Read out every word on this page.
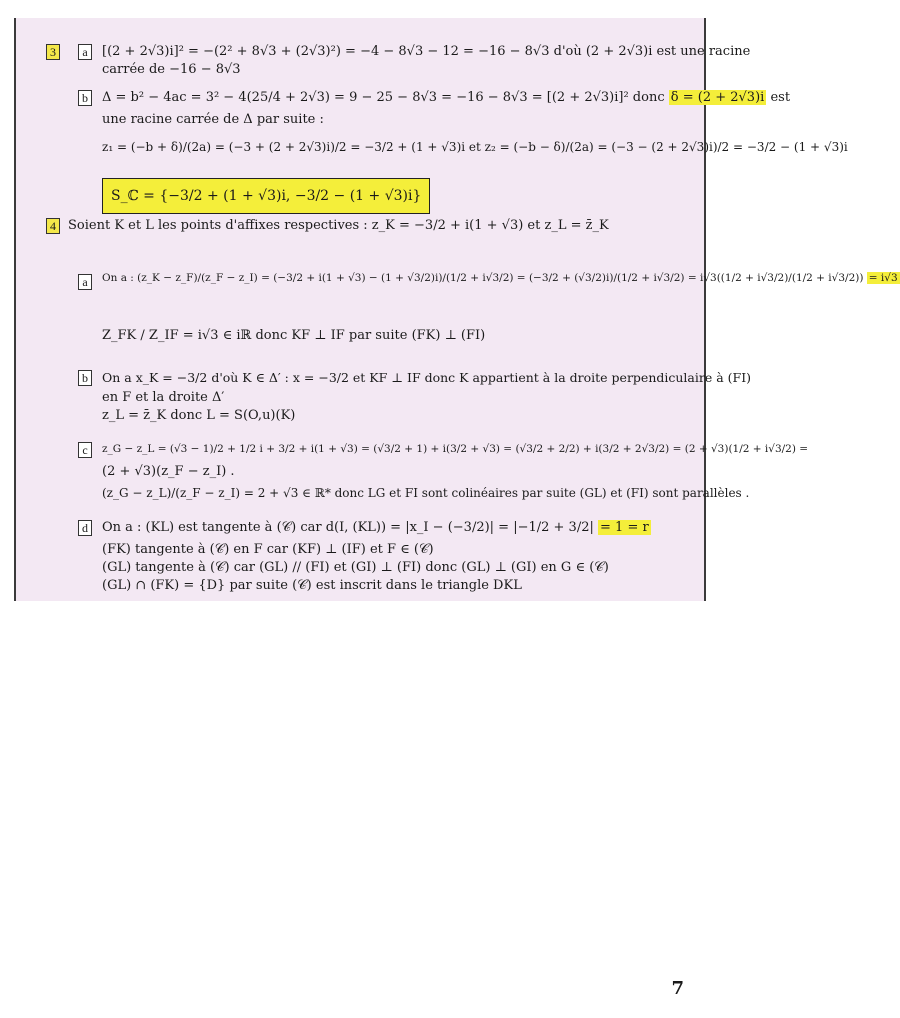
3	a	[(2 + 2√3)i]² = −(2² + 8√3 + (2√3)²) = −4 − 8√3 − 12 = −16 − 8√3 d'où (2 + 2√3)i est une racine
carrée de −16 − 8√3
b	Δ = b² − 4ac = 3² − 4(25/4 + 2√3) = 9 − 25 − 8√3 = −16 − 8√3 = [(2 + 2√3)i]² donc δ = (2 + 2√3)i est
une racine carrée de Δ par suite :
z₁ = (−b + δ)/(2a) = (−3 + (2 + 2√3)i)/2 = −3/2 + (1 + √3)i et z₂ = (−b − δ)/(2a) = (−3 − (2 + 2√3)i)/2 = −3/2 − (1 + √3)i
S_ℂ = {−3/2 + (1 + √3)i, −3/2 − (1 + √3)i}
4 Soient K et L les points d'affixes respectives : z_K = −3/2 + i(1 + √3) et z_L = z̄_K
a	On a : (z_K − z_F)/(z_F − z_I) = (−3/2 + i(1 + √3) − (1 + √3/2)i)/(1/2 + i√3/2) = (−3/2 + (√3/2)i)/(1/2 + i√3/2) = i√3((1/2 + i√3/2)/(1/2 + i√3/2)) = i√3
Z_FK / Z_IF = i√3 ∈ iℝ donc KF ⊥ IF par suite (FK) ⊥ (FI)
b	On a x_K = −3/2 d'où K ∈ Δ′ : x = −3/2 et KF ⊥ IF donc K appartient à la droite perpendiculaire à (FI)
en F et la droite Δ′
z_L = z̄_K donc L = S(O,u)(K)
c	z_G − z_L = (√3 − 1)/2 + 1/2 i + 3/2 + i(1 + √3) = (√3/2 + 1) + i(3/2 + √3) = (√3/2 + 2/2) + i(3/2 + 2√3/2) = (2 + √3)(1/2 + i√3/2) =
(2 + √3)(z_F − z_I) .
(z_G − z_L)/(z_F − z_I) = 2 + √3 ∈ ℝ* donc LG et FI sont colinéaires par suite (GL) et (FI) sont parallèles .
d	On a : (KL) est tangente à (𝒞) car d(I, (KL)) = |x_I − (−3/2)| = |−1/2 + 3/2| = 1 = r
(FK) tangente à (𝒞) en F car (KF) ⊥ (IF) et F ∈ (𝒞)
(GL) tangente à (𝒞) car (GL) // (FI) et (GI) ⊥ (FI) donc (GL) ⊥ (GI) en G ∈ (𝒞)
(GL) ∩ (FK) = {D} par suite (𝒞) est inscrit dans le triangle DKL
7
